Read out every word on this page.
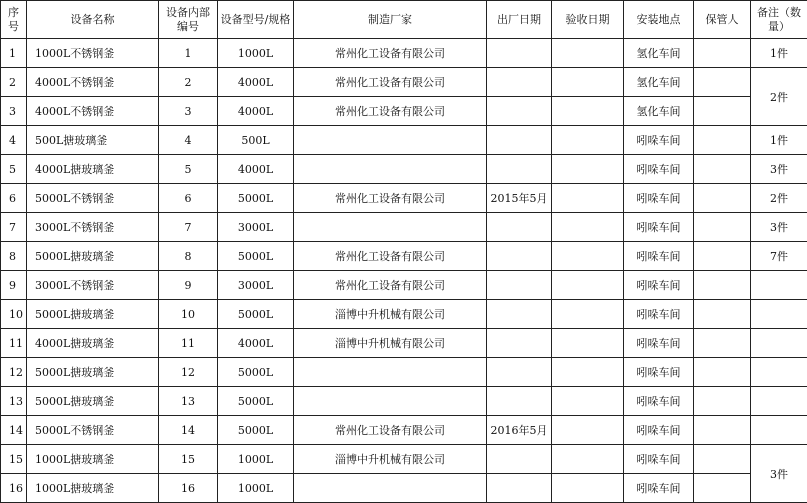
序号	设备名称	设备内部编号	设备型号/规格	制造厂家	出厂日期	验收日期	安装地点	保管人	备注（数量）
1	1000L不锈钢釜	1	1000L	常州化工设备有限公司			氢化车间		1件
2	4000L不锈钢釜	2	4000L	常州化工设备有限公司			氢化车间		2件
3	4000L不锈钢釜	3	4000L	常州化工设备有限公司			氢化车间		
4	500L搪玻璃釜	4	500L				吲哚车间		1件
5	4000L搪玻璃釜	5	4000L				吲哚车间		3件
6	5000L不锈钢釜	6	5000L	常州化工设备有限公司	2015年5月		吲哚车间		2件
7	3000L不锈钢釜	7	3000L				吲哚车间		3件
8	5000L搪玻璃釜	8	5000L	常州化工设备有限公司			吲哚车间		7件
9	3000L不锈钢釜	9	3000L	常州化工设备有限公司			吲哚车间		
10	5000L搪玻璃釜	10	5000L	淄博中升机械有限公司			吲哚车间		
11	4000L搪玻璃釜	11	4000L	淄博中升机械有限公司			吲哚车间		
12	5000L搪玻璃釜	12	5000L				吲哚车间		
13	5000L搪玻璃釜	13	5000L				吲哚车间		
14	5000L不锈钢釜	14	5000L	常州化工设备有限公司	2016年5月		吲哚车间		
15	1000L搪玻璃釜	15	1000L	淄博中升机械有限公司			吲哚车间		3件
16	1000L搪玻璃釜	16	1000L				吲哚车间		
